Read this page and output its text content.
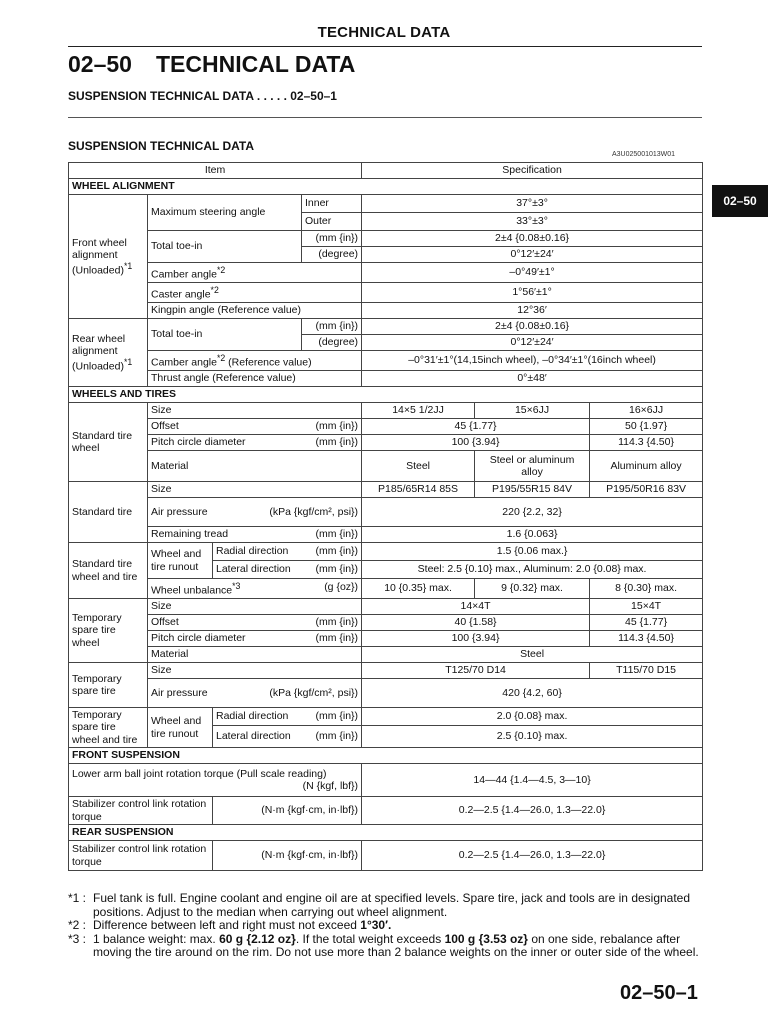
TECHNICAL DATA
02–50 TECHNICAL DATA
SUSPENSION TECHNICAL DATA . . . . . 02–50–1
SUSPENSION TECHNICAL DATA
A3U025001013W01
02–50
Item				Specification		
WHEEL ALIGNMENT						
Front wheel alignment (Unloaded)$^{*1}$	Maximum steering angle		Inner	37°±3°		
			Outer	33°±3°		
	Total toe-in		(mm {in})	2±4 {0.08±0.16}		
			(degree)	0°12′±24′		
	Camber angle$^{*2}$			–0°49′±1°		
	Caster angle$^{*2}$			1°56′±1°		
	Kingpin angle (Reference value)			12°36′		
Rear wheel alignment (Unloaded)$^{*1}$	Total toe-in		(mm {in})	2±4 {0.08±0.16}		
			(degree)	0°12′±24′		
	Camber angle$^{*2}$ (Reference value)			–0°31′±1°(14,15inch wheel), –0°34′±1°(16inch wheel)		
	Thrust angle (Reference value)			0°±48′		
WHEELS AND TIRES						
Standard tire wheel	Size			14×5 1/2JJ	15×6JJ	16×6JJ
	Offset (mm {in})			45 {1.77}		50 {1.97}
	Pitch circle diameter (mm {in})			100 {3.94}		114.3 {4.50}
	Material			Steel	Steel or aluminum alloy	Aluminum alloy
Standard tire	Size			P185/65R14 85S	P195/55R15 84V	P195/50R16 83V
	Air pressure (kPa {kgf/cm², psi})			220 {2.2, 32}		
	Remaining tread (mm {in})			1.6 {0.063}		
Standard tire wheel and tire	Wheel and tire runout	Radial direction (mm {in})		1.5 {0.06 max.}		
		Lateral direction (mm {in})		Steel: 2.5 {0.10} max., Aluminum: 2.0 {0.08} max.		
	Wheel unbalance$^{*3}$ (g {oz})			10 {0.35} max.	9 {0.32} max.	8 {0.30} max.
Temporary spare tire wheel	Size			14×4T		15×4T
	Offset (mm {in})			40 {1.58}		45 {1.77}
	Pitch circle diameter (mm {in})			100 {3.94}		114.3 {4.50}
	Material			Steel		
Temporary spare tire	Size			T125/70 D14		T115/70 D15
	Air pressure (kPa {kgf/cm², psi})			420 {4.2, 60}		
Temporary spare tire wheel and tire	Wheel and tire runout	Radial direction (mm {in})		2.0 {0.08} max.		
		Lateral direction (mm {in})		2.5 {0.10} max.		
FRONT SUSPENSION						

Lower arm ball joint rotation torque (Pull scale reading)
(N {kgf, lbf})				14—44 {1.4—4.5, 3—10}		
Stabilizer control link rotation torque		(N·m {kgf·cm, in·lbf})		0.2—2.5 {1.4—26.0, 1.3—22.0}		
REAR SUSPENSION						
Stabilizer control link rotation torque		(N·m {kgf·cm, in·lbf})		0.2—2.5 {1.4—26.0, 1.3—22.0}		
*1 : Fuel tank is full. Engine coolant and engine oil are at specified levels. Spare tire, jack and tools are in designated positions. Adjust to the median when carrying out wheel alignment.
*2 : Difference between left and right must not exceed 1°30′.
*3 : 1 balance weight: max. 60 g {2.12 oz}. If the total weight exceeds 100 g {3.53 oz} on one side, rebalance after moving the tire around on the rim. Do not use more than 2 balance weights on the inner or outer side of the wheel.
02–50–1
